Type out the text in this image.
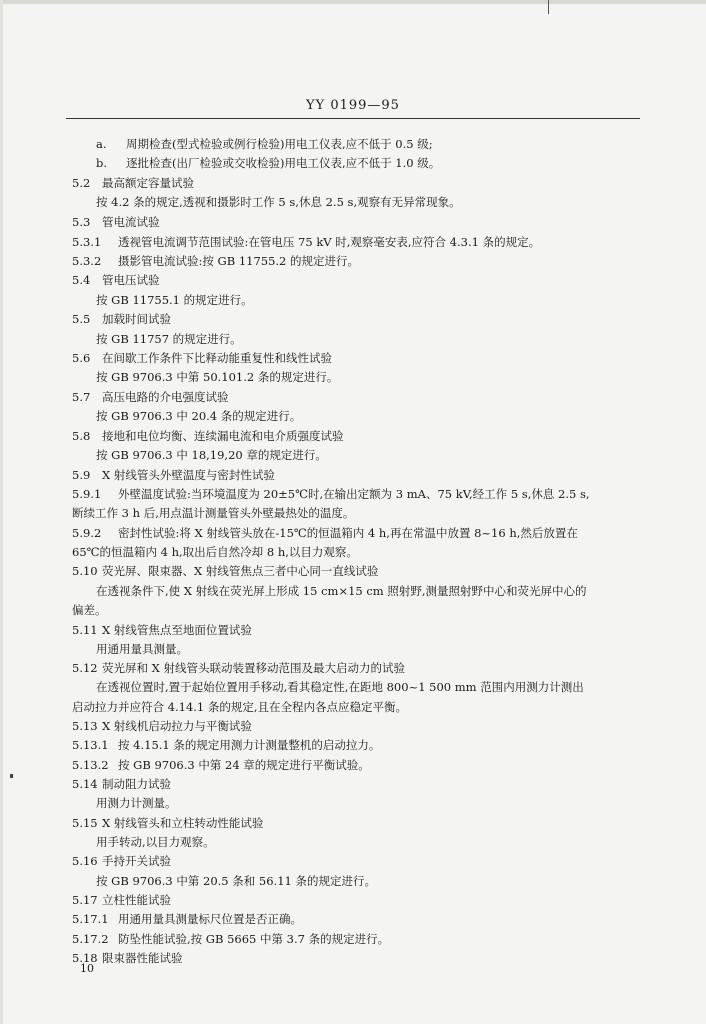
YY 0199—95
a. 周期检查(型式检验或例行检验)用电工仪表,应不低于 0.5 级;
b. 逐批检查(出厂检验或交收检验)用电工仪表,应不低于 1.0 级。
5.2 最高额定容量试验
按 4.2 条的规定,透视和摄影时工作 5 s,休息 2.5 s,观察有无异常现象。
5.3 管电流试验
5.3.1 透视管电流调节范围试验:在管电压 75 kV 时,观察毫安表,应符合 4.3.1 条的规定。
5.3.2 摄影管电流试验:按 GB 11755.2 的规定进行。
5.4 管电压试验
按 GB 11755.1 的规定进行。
5.5 加载时间试验
按 GB 11757 的规定进行。
5.6 在间歇工作条件下比释动能重复性和线性试验
按 GB 9706.3 中第 50.101.2 条的规定进行。
5.7 高压电路的介电强度试验
按 GB 9706.3 中 20.4 条的规定进行。
5.8 接地和电位均衡、连续漏电流和电介质强度试验
按 GB 9706.3 中 18,19,20 章的规定进行。
5.9 X 射线管头外壁温度与密封性试验
5.9.1 外壁温度试验:当环境温度为 20±5℃时,在输出定额为 3 mA、75 kV,经工作 5 s,休息 2.5 s,
断续工作 3 h 后,用点温计测量管头外壁最热处的温度。
5.9.2 密封性试验:将 X 射线管头放在-15℃的恒温箱内 4 h,再在常温中放置 8~16 h,然后放置在
65℃的恒温箱内 4 h,取出后自然冷却 8 h,以目力观察。
5.10 荧光屏、限束器、X 射线管焦点三者中心同一直线试验
在透视条件下,使 X 射线在荧光屏上形成 15 cm×15 cm 照射野,测量照射野中心和荧光屏中心的
偏差。
5.11 X 射线管焦点至地面位置试验
用通用量具测量。
5.12 荧光屏和 X 射线管头联动装置移动范围及最大启动力的试验
在透视位置时,置于起始位置用手移动,看其稳定性,在距地 800~1 500 mm 范围内用测力计测出
启动拉力并应符合 4.14.1 条的规定,且在全程内各点应稳定平衡。
5.13 X 射线机启动拉力与平衡试验
5.13.1 按 4.15.1 条的规定用测力计测量整机的启动拉力。
5.13.2 按 GB 9706.3 中第 24 章的规定进行平衡试验。
5.14 制动阻力试验
用测力计测量。
5.15 X 射线管头和立柱转动性能试验
用手转动,以目力观察。
5.16 手持开关试验
按 GB 9706.3 中第 20.5 条和 56.11 条的规定进行。
5.17 立柱性能试验
5.17.1 用通用量具测量标尺位置是否正确。
5.17.2 防坠性能试验,按 GB 5665 中第 3.7 条的规定进行。
5.18 限束器性能试验
10
